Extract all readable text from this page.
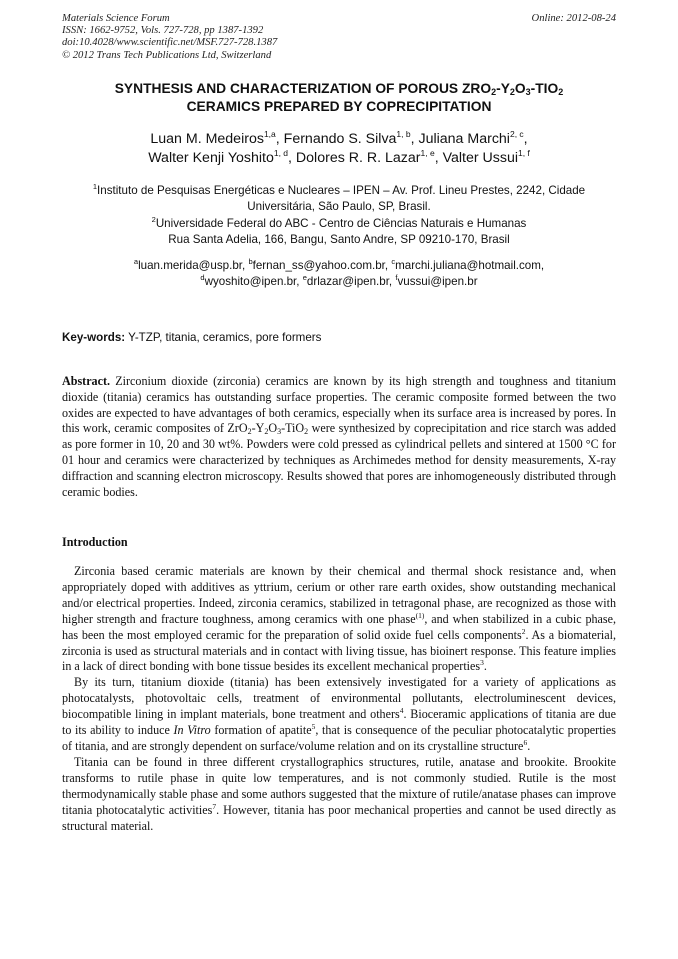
Materials Science Forum
ISSN: 1662-9752, Vols. 727-728, pp 1387-1392
doi:10.4028/www.scientific.net/MSF.727-728.1387
© 2012 Trans Tech Publications Ltd, Switzerland
Online: 2012-08-24
SYNTHESIS AND CHARACTERIZATION OF POROUS $ZRO_2-Y_2O_3-TIO_2$
CERAMICS PREPARED BY COPRECIPITATION
Luan M. Medeiros$^{1,a}$, Fernando S. Silva$^{1, b}$, Juliana Marchi$^{2, c}$,
Walter Kenji Yoshito$^{1, d}$, Dolores R. R. Lazar$^{1, e}$, Valter Ussui$^{1, f}$
$^1$Instituto de Pesquisas Energéticas e Nucleares – IPEN – Av. Prof. Lineu Prestes, 2242, Cidade
Universitária, São Paulo, SP, Brasil.
$^2$Universidade Federal do ABC - Centro de Ciências Naturais e Humanas
Rua Santa Adelia, 166, Bangu, Santo Andre, SP 09210-170, Brasil
$^a$luan.merida@usp.br, $^b$fernan_ss@yahoo.com.br, $^c$marchi.juliana@hotmail.com,
$^d$wyoshito@ipen.br, $^e$drlazar@ipen.br, $^f$vussui@ipen.br
Key-words: Y-TZP, titania, ceramics, pore formers
Abstract. Zirconium dioxide (zirconia) ceramics are known by its high strength and toughness and titanium dioxide (titania) ceramics has outstanding surface properties. The ceramic composite formed between the two oxides are expected to have advantages of both ceramics, especially when its surface area is increased by pores. In this work, ceramic composites of $ZrO_2-Y_2O_3-TiO_2$ were synthesized by coprecipitation and rice starch was added as pore former in 10, 20 and 30 wt%. Powders were cold pressed as cylindrical pellets and sintered at 1500 °C for 01 hour and ceramics were characterized by techniques as Archimedes method for density measurements, X-ray diffraction and scanning electron microscopy. Results showed that pores are inhomogeneously distributed through ceramic bodies.
Introduction

Zirconia based ceramic materials are known by their chemical and thermal shock resistance and, when appropriately doped with additives as yttrium, cerium or other rare earth oxides, show outstanding mechanical and/or electrical properties. Indeed, zirconia ceramics, stabilized in tetragonal phase, are recognized as those with higher strength and fracture toughness, among ceramics with one phase$^{(1)}$, and when stabilized in a cubic phase, has been the most employed ceramic for the preparation of solid oxide fuel cells components$^2$. As a biomaterial, zirconia is used as structural materials and in contact with living tissue, has bioinert response. This feature implies in a lack of direct bonding with bone tissue besides its excellent mechanical properties$^3$.

By its turn, titanium dioxide (titania) has been extensively investigated for a variety of applications as photocatalysts, photovoltaic cells, treatment of environmental pollutants, electroluminescent devices, biocompatible lining in implant materials, bone treatment and others$^4$. Bioceramic applications of titania are due to its ability to induce In Vitro formation of apatite$^5$, that is consequence of the peculiar photocatalytic properties of titania, and are strongly dependent on surface/volume relation and on its crystalline structure$^6$.

Titania can be found in three different crystallographics structures, rutile, anatase and brookite. Brookite transforms to rutile phase in quite low temperatures, and is not commonly studied. Rutile is the most thermodynamically stable phase and some authors suggested that the mixture of rutile/anatase phases can improve titania photocatalytic activities$^7$. However, titania has poor mechanical properties and cannot be used directly as structural material.
